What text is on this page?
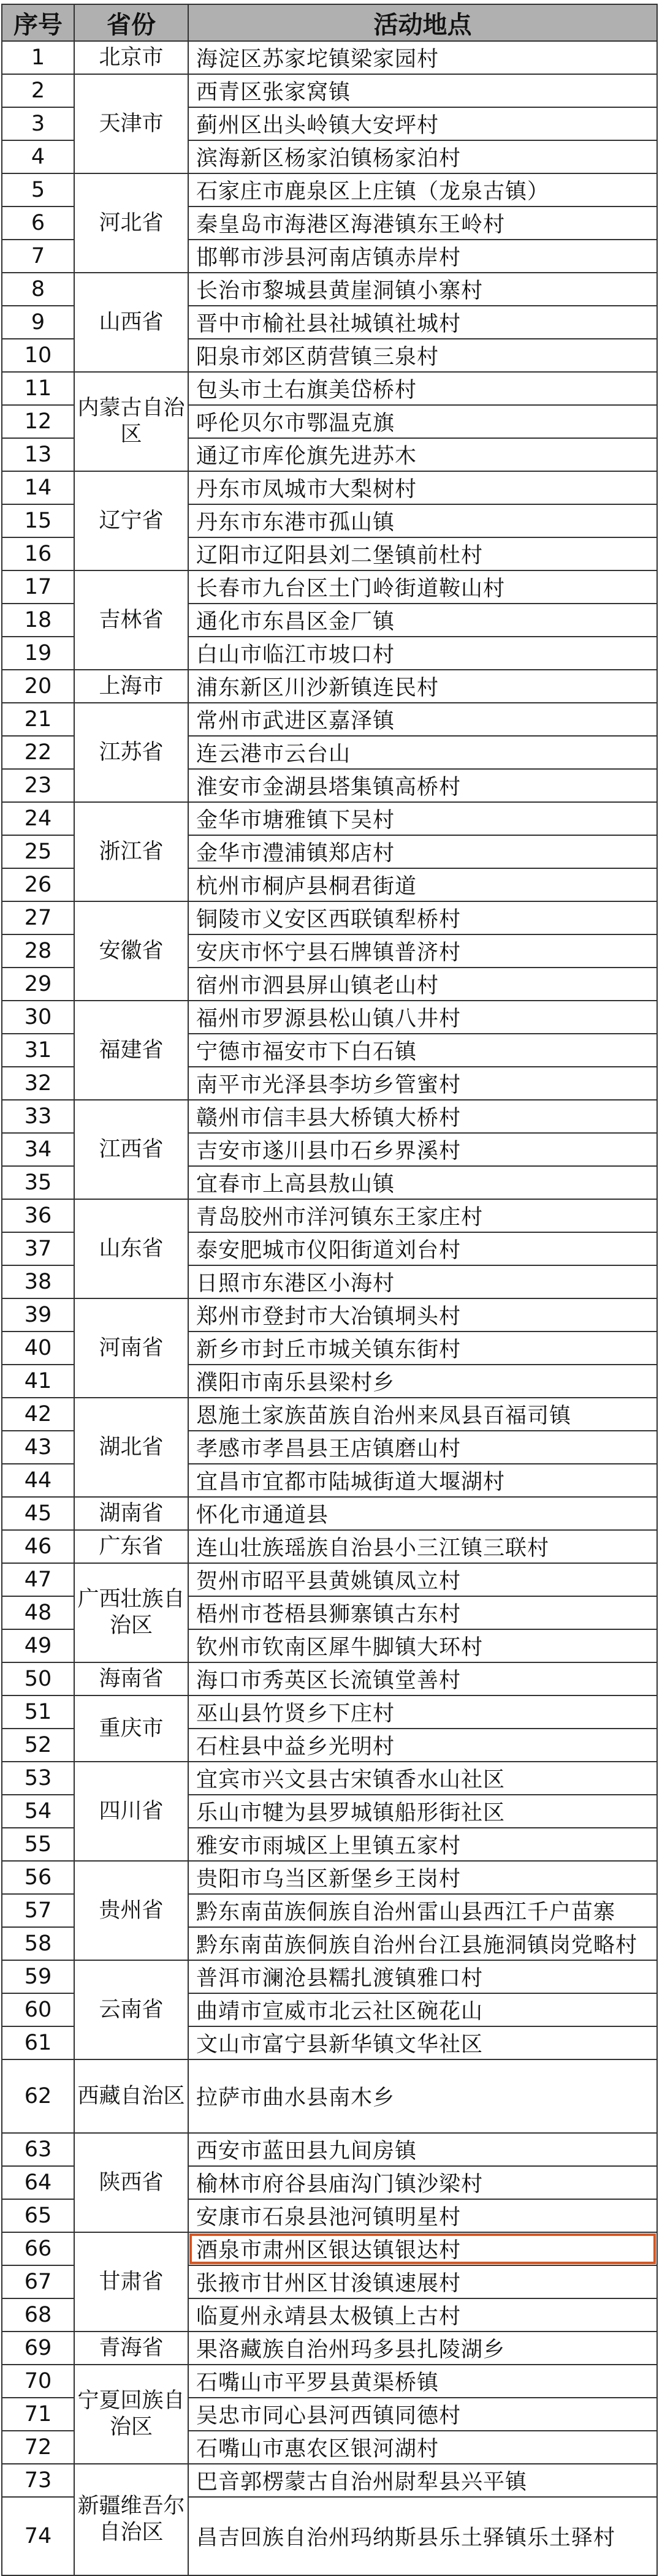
序号	省份	活动地点
1	北京市	海淀区苏家坨镇梁家园村
2	天津市	西青区张家窝镇
3		蓟州区出头岭镇大安坪村
4		滨海新区杨家泊镇杨家泊村
5	河北省	石家庄市鹿泉区上庄镇（龙泉古镇）
6		秦皇岛市海港区海港镇东王岭村
7		邯郸市涉县河南店镇赤岸村
8	山西省	长治市黎城县黄崖洞镇小寨村
9		晋中市榆社县社城镇社城村
10		阳泉市郊区荫营镇三泉村
11	内蒙古自治区	包头市土右旗美岱桥村
12		呼伦贝尔市鄂温克旗
13		通辽市库伦旗先进苏木
14	辽宁省	丹东市凤城市大梨树村
15		丹东市东港市孤山镇
16		辽阳市辽阳县刘二堡镇前杜村
17	吉林省	长春市九台区土门岭街道鞍山村
18		通化市东昌区金厂镇
19		白山市临江市坡口村
20	上海市	浦东新区川沙新镇连民村
21	江苏省	常州市武进区嘉泽镇
22		连云港市云台山
23		淮安市金湖县塔集镇高桥村
24	浙江省	金华市塘雅镇下吴村
25		金华市澧浦镇郑店村
26		杭州市桐庐县桐君街道
27	安徽省	铜陵市义安区西联镇犁桥村
28		安庆市怀宁县石牌镇普济村
29		宿州市泗县屏山镇老山村
30	福建省	福州市罗源县松山镇八井村
31		宁德市福安市下白石镇
32		南平市光泽县李坊乡管蜜村
33	江西省	赣州市信丰县大桥镇大桥村
34		吉安市遂川县巾石乡界溪村
35		宜春市上高县敖山镇
36	山东省	青岛胶州市洋河镇东王家庄村
37		泰安肥城市仪阳街道刘台村
38		日照市东港区小海村
39	河南省	郑州市登封市大冶镇垌头村
40		新乡市封丘市城关镇东街村
41		濮阳市南乐县梁村乡
42	湖北省	恩施土家族苗族自治州来凤县百福司镇
43		孝感市孝昌县王店镇磨山村
44		宜昌市宜都市陆城街道大堰湖村
45	湖南省	怀化市通道县
46	广东省	连山壮族瑶族自治县小三江镇三联村
47	广西壮族自治区	贺州市昭平县黄姚镇凤立村
48		梧州市苍梧县狮寨镇古东村
49		钦州市钦南区犀牛脚镇大环村
50	海南省	海口市秀英区长流镇堂善村
51	重庆市	巫山县竹贤乡下庄村
52		石柱县中益乡光明村
53	四川省	宜宾市兴文县古宋镇香水山社区
54		乐山市犍为县罗城镇船形街社区
55		雅安市雨城区上里镇五家村
56	贵州省	贵阳市乌当区新堡乡王岗村
57		黔东南苗族侗族自治州雷山县西江千户苗寨
58		黔东南苗族侗族自治州台江县施洞镇岗党略村
59	云南省	普洱市澜沧县糯扎渡镇雅口村
60		曲靖市宣威市北云社区碗花山
61		文山市富宁县新华镇文华社区
62	西藏自治区	拉萨市曲水县南木乡
63	陕西省	西安市蓝田县九间房镇
64		榆林市府谷县庙沟门镇沙梁村
65		安康市石泉县池河镇明星村
66	甘肃省	酒泉市肃州区银达镇银达村
67		张掖市甘州区甘浚镇速展村
68		临夏州永靖县太极镇上古村
69	青海省	果洛藏族自治州玛多县扎陵湖乡
70	宁夏回族自治区	石嘴山市平罗县黄渠桥镇
71		吴忠市同心县河西镇同德村
72		石嘴山市惠农区银河湖村
73	新疆维吾尔自治区	巴音郭楞蒙古自治州尉犁县兴平镇
74		昌吉回族自治州玛纳斯县乐土驿镇乐土驿村
